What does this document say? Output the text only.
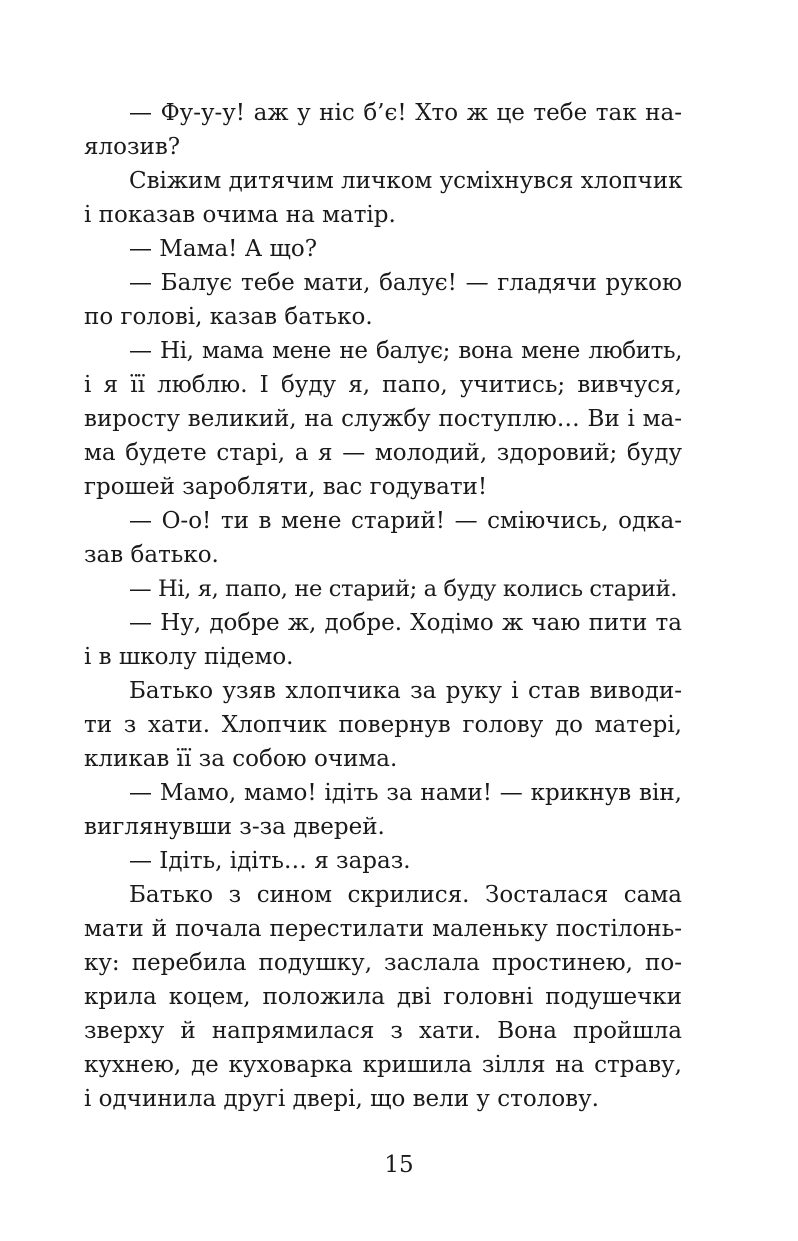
— Фу-у-у! аж у ніс б’є! Хто ж це тебе так на-
ялозив?
Свіжим дитячим личком усміхнувся хлопчик
і показав очима на матір.
— Мама! А що?
— Балує тебе мати, балує! — гладячи рукою
по голові, казав батько.
— Ні, мама мене не балує; вона мене любить,
і я її люблю. І буду я, папо, учитись; вивчуся,
виросту великий, на службу поступлю… Ви і ма-
ма будете старі, а я — молодий, здоровий; буду
грошей заробляти, вас годувати!
— О-о! ти в мене старий! — сміючись, одка-
зав батько.
— Ні, я, папо, не старий; а буду колись старий.
— Ну, добре ж, добре. Ходімо ж чаю пити та
і в школу підемо.
Батько узяв хлопчика за руку і став виводи-
ти з хати. Хлопчик повернув голову до матері,
кликав її за собою очима.
— Мамо, мамо! ідіть за нами! — крикнув він,
виглянувши з-за дверей.
— Ідіть, ідіть… я зараз.
Батько з сином скрилися. Зосталася сама
мати й почала перестилати маленьку постілонь-
ку: перебила подушку, заслала простинею, по-
крила коцем, положила дві головні подушечки
зверху й напрямилася з хати. Вона пройшла
кухнею, де куховарка кришила зілля на страву,
і одчинила другі двері, що вели у столову.
15
